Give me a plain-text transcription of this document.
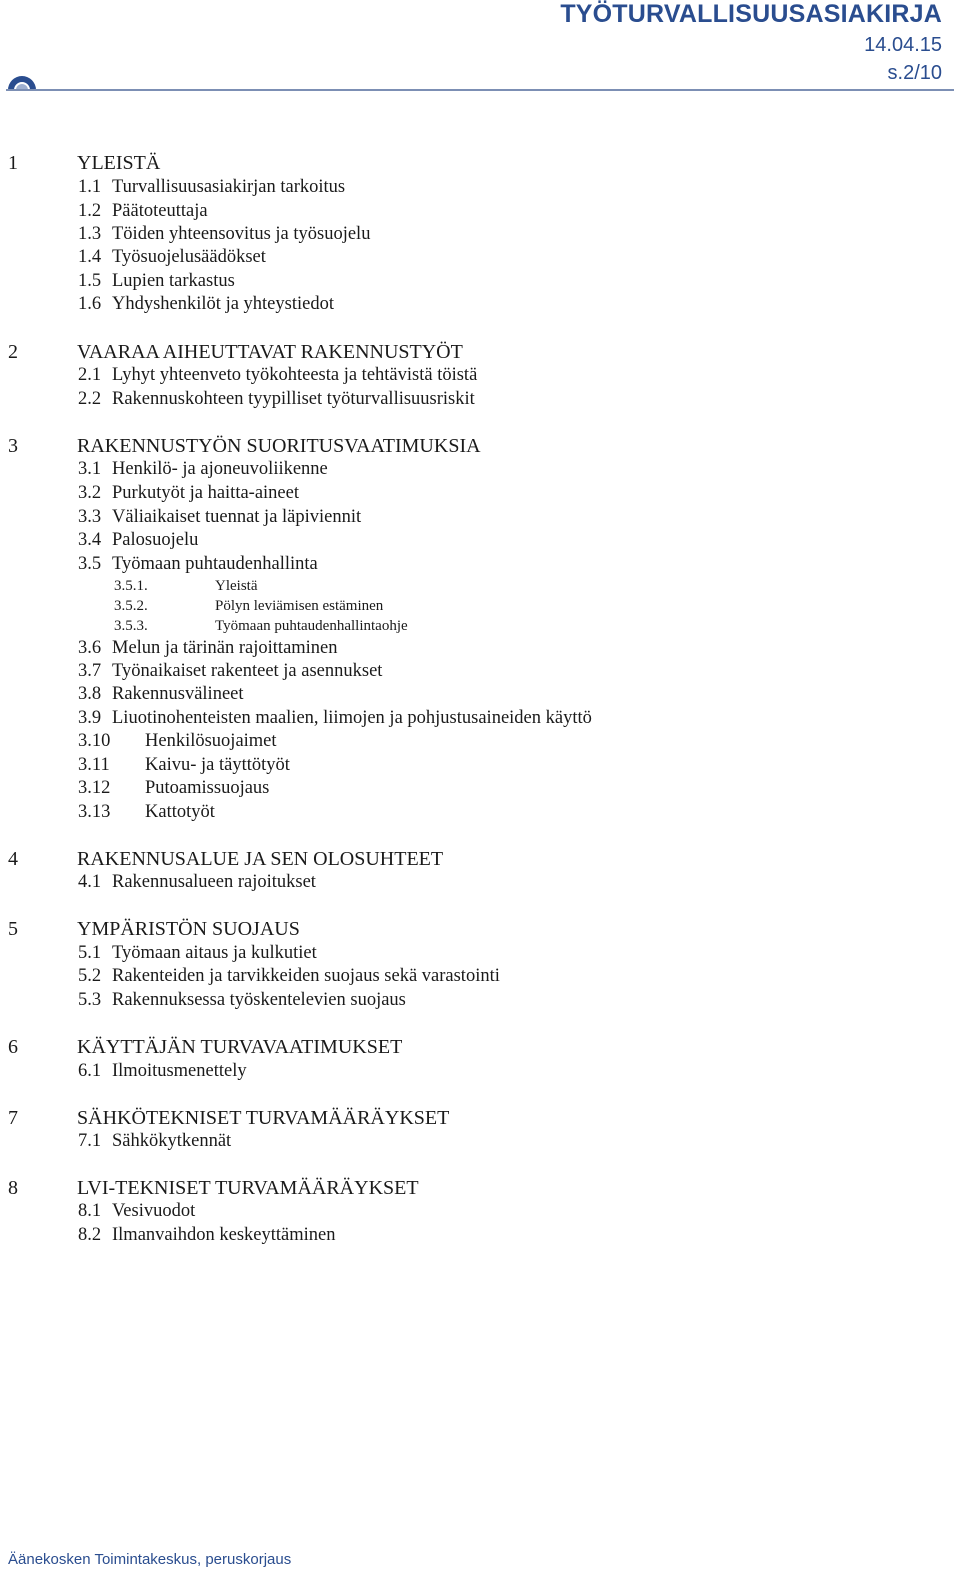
TYÖTURVALLISUUSASIAKIRJA
14.04.15
s.2/10
1	YLEISTÄ
1.1 Turvallisuusasiakirjan tarkoitus
1.2 Päätoteuttaja
1.3 Töiden yhteensovitus ja työsuojelu
1.4 Työsuojelusäädökset
1.5 Lupien tarkastus
1.6 Yhdyshenkilöt ja yhteystiedot
2	VAARAA AIHEUTTAVAT RAKENNUSTYÖT
2.1 Lyhyt yhteenveto työkohteesta ja tehtävistä töistä
2.2 Rakennuskohteen tyypilliset työturvallisuusriskit
3	RAKENNUSTYÖN SUORITUSVAATIMUKSIA
3.1 Henkilö- ja ajoneuvoliikenne
3.2 Purkutyöt ja haitta-aineet
3.3 Väliaikaiset tuennat ja läpiviennit
3.4 Palosuojelu
3.5 Työmaan puhtaudenhallinta
3.5.1.	Yleistä
3.5.2.	Pölyn leviämisen estäminen
3.5.3.	Työmaan puhtaudenhallintaohje
3.6 Melun ja tärinän rajoittaminen
3.7 Työnaikaiset rakenteet ja asennukset
3.8 Rakennusvälineet
3.9 Liuotinohenteisten maalien, liimojen ja pohjustusaineiden käyttö
3.10 Henkilösuojaimet
3.11 Kaivu- ja täyttötyöt
3.12 Putoamissuojaus
3.13 Kattotyöt
4	RAKENNUSALUE JA SEN OLOSUHTEET
4.1 Rakennusalueen rajoitukset
5	YMPÄRISTÖN SUOJAUS
5.1 Työmaan aitaus ja kulkutiet
5.2 Rakenteiden ja tarvikkeiden suojaus sekä varastointi
5.3 Rakennuksessa työskentelevien suojaus
6	KÄYTTÄJÄN TURVAVAATIMUKSET
6.1 Ilmoitusmenettely
7	SÄHKÖTEKNISET TURVAMÄÄRÄYKSET
7.1 Sähkökytkennät
8	LVI-TEKNISET TURVAMÄÄRÄYKSET
8.1 Vesivuodot
8.2 Ilmanvaihdon keskeyttäminen
Äänekosken Toimintakeskus, peruskorjaus
